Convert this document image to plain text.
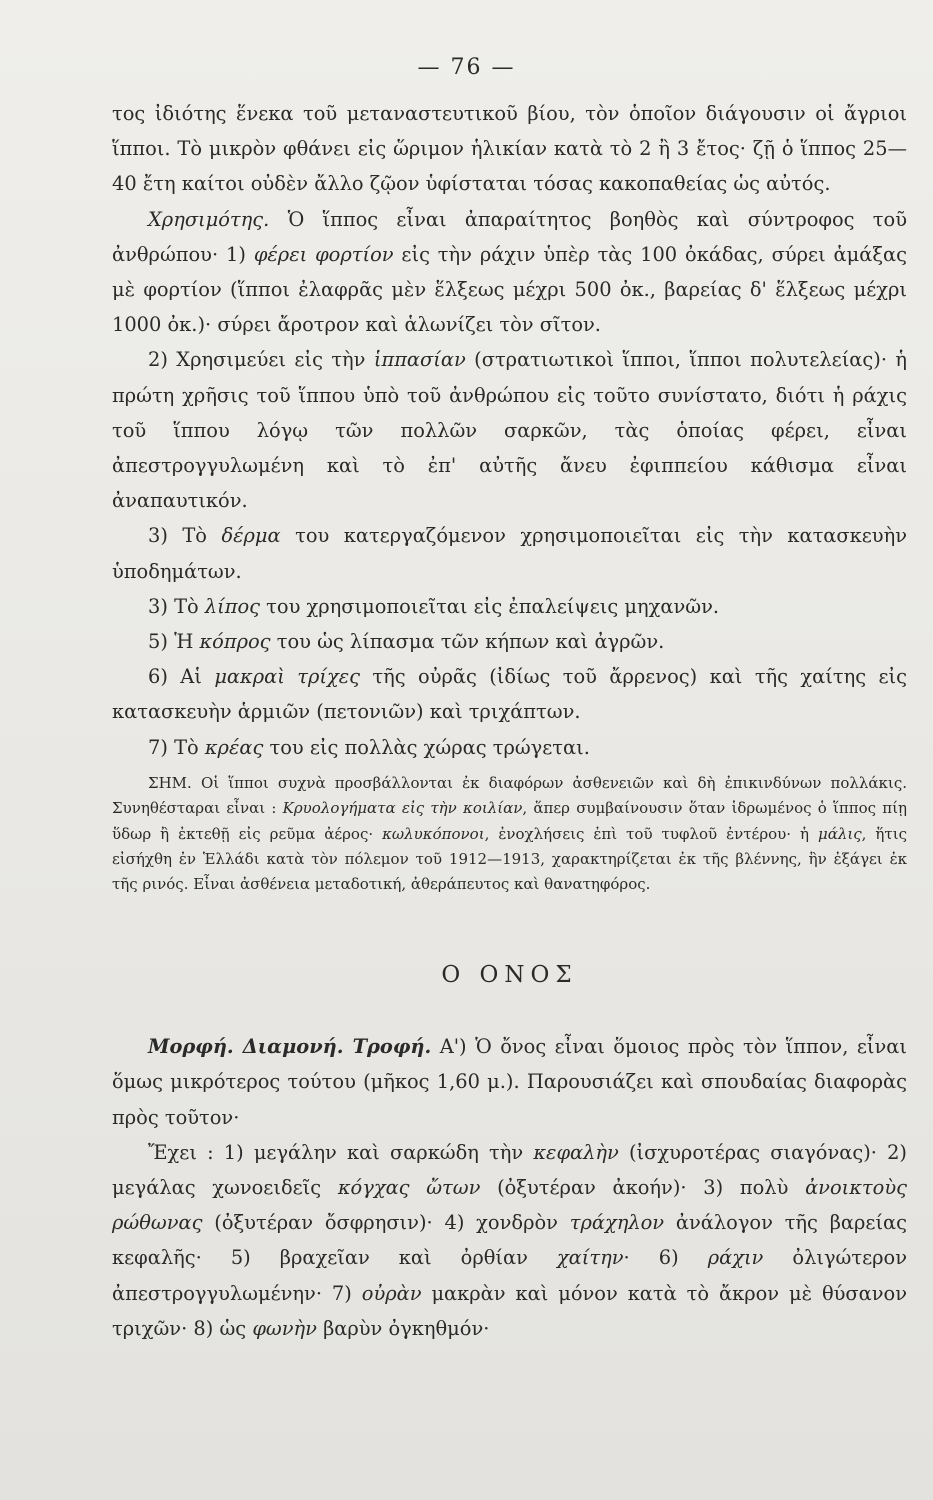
— 76 —

τος ἰδιότης ἕνεκα τοῦ μεταναστευτικοῦ βίου, τὸν ὁποῖον διάγουσιν οἱ ἄγριοι ἵπποι. Τὸ μικρὸν φθάνει εἰς ὥριμον ἡλικίαν κατὰ τὸ 2 ἢ 3 ἔτος· ζῇ ὁ ἵππος 25—40 ἔτη καίτοι οὐδὲν ἄλλο ζῷον ὑφίσταται τόσας κακοπαθείας ὡς αὐτός.

Χρησιμότης. Ὁ ἵππος εἶναι ἀπαραίτητος βοηθὸς καὶ σύντροφος τοῦ ἀνθρώπου· 1) φέρει φορτίον εἰς τὴν ράχιν ὑπὲρ τὰς 100 ὀκάδας, σύρει ἁμάξας μὲ φορτίον (ἵπποι ἐλαφρᾶς μὲν ἕλξεως μέχρι 500 ὀκ., βαρείας δ' ἕλξεως μέχρι 1000 ὀκ.)· σύρει ἄροτρον καὶ ἁλωνίζει τὸν σῖτον.

2) Χρησιμεύει εἰς τὴν ἱππασίαν (στρατιωτικοὶ ἵπποι, ἵπποι πολυτελείας)· ἡ πρώτη χρῆσις τοῦ ἵππου ὑπὸ τοῦ ἀνθρώπου εἰς τοῦτο συνίστατο, διότι ἡ ράχις τοῦ ἵππου λόγῳ τῶν πολλῶν σαρκῶν, τὰς ὁποίας φέρει, εἶναι ἀπεστρογγυλωμένη καὶ τὸ ἐπ' αὐτῆς ἄνευ ἐφιππείου κάθισμα εἶναι ἀναπαυτικόν.

3) Τὸ δέρμα του κατεργαζόμενον χρησιμοποιεῖται εἰς τὴν κατασκευὴν ὑποδημάτων.

3) Τὸ λίπος του χρησιμοποιεῖται εἰς ἐπαλείψεις μηχανῶν.

5) Ἡ κόπρος του ὡς λίπασμα τῶν κήπων καὶ ἀγρῶν.

6) Αἱ μακραὶ τρίχες τῆς οὐρᾶς (ἰδίως τοῦ ἄρρενος) καὶ τῆς χαίτης εἰς κατασκευὴν ἁρμιῶν (πετονιῶν) καὶ τριχάπτων.

7) Τὸ κρέας του εἰς πολλὰς χώρας τρώγεται.

ΣΗΜ. Οἱ ἵπποι συχνὰ προσβάλλονται ἐκ διαφόρων ἀσθενειῶν καὶ δὴ ἐπικινδύνων πολλάκις. Συνηθέσταραι εἶναι : Κρυολογήματα εἰς τὴν κοιλίαν, ἅπερ συμβαίνουσιν ὅταν ἱδρωμένος ὁ ἵππος πίῃ ὕδωρ ἢ ἐκτεθῇ εἰς ρεῦμα ἀέρος· κωλυκόπονοι, ἐνοχλήσεις ἐπὶ τοῦ τυφλοῦ ἐντέρου· ἡ μάλις, ἥτις εἰσήχθη ἐν Ἑλλάδι κατὰ τὸν πόλεμον τοῦ 1912—1913, χαρακτηρίζεται ἐκ τῆς βλέννης, ἣν ἐξάγει ἐκ τῆς ρινός. Εἶναι ἀσθένεια μεταδοτική, ἀθεράπευτος καὶ θανατηφόρος.

Ο ΟΝΟΣ

Μορφή. Διαμονή. Τροφή. Α') Ὁ ὄνος εἶναι ὅμοιος πρὸς τὸν ἵππον, εἶναι ὅμως μικρότερος τούτου (μῆκος 1,60 μ.). Παρουσιάζει καὶ σπουδαίας διαφορὰς πρὸς τοῦτον·

Ἔχει : 1) μεγάλην καὶ σαρκώδη τὴν κεφαλὴν (ἰσχυροτέρας σιαγόνας)· 2) μεγάλας χωνοειδεῖς κόγχας ὤτων (ὀξυτέραν ἀκοήν)· 3) πολὺ ἀνοικτοὺς ρώθωνας (ὀξυτέραν ὄσφρησιν)· 4) χονδρὸν τράχηλον ἀνάλογον τῆς βαρείας κεφαλῆς· 5) βραχεῖαν καὶ ὀρθίαν χαίτην· 6) ράχιν ὀλιγώτερον ἀπεστρογγυλωμένην· 7) οὐρὰν μακρὰν καὶ μόνον κατὰ τὸ ἄκρον μὲ θύσανον τριχῶν· 8) ὡς φωνὴν βαρὺν ὀγκηθμόν·
